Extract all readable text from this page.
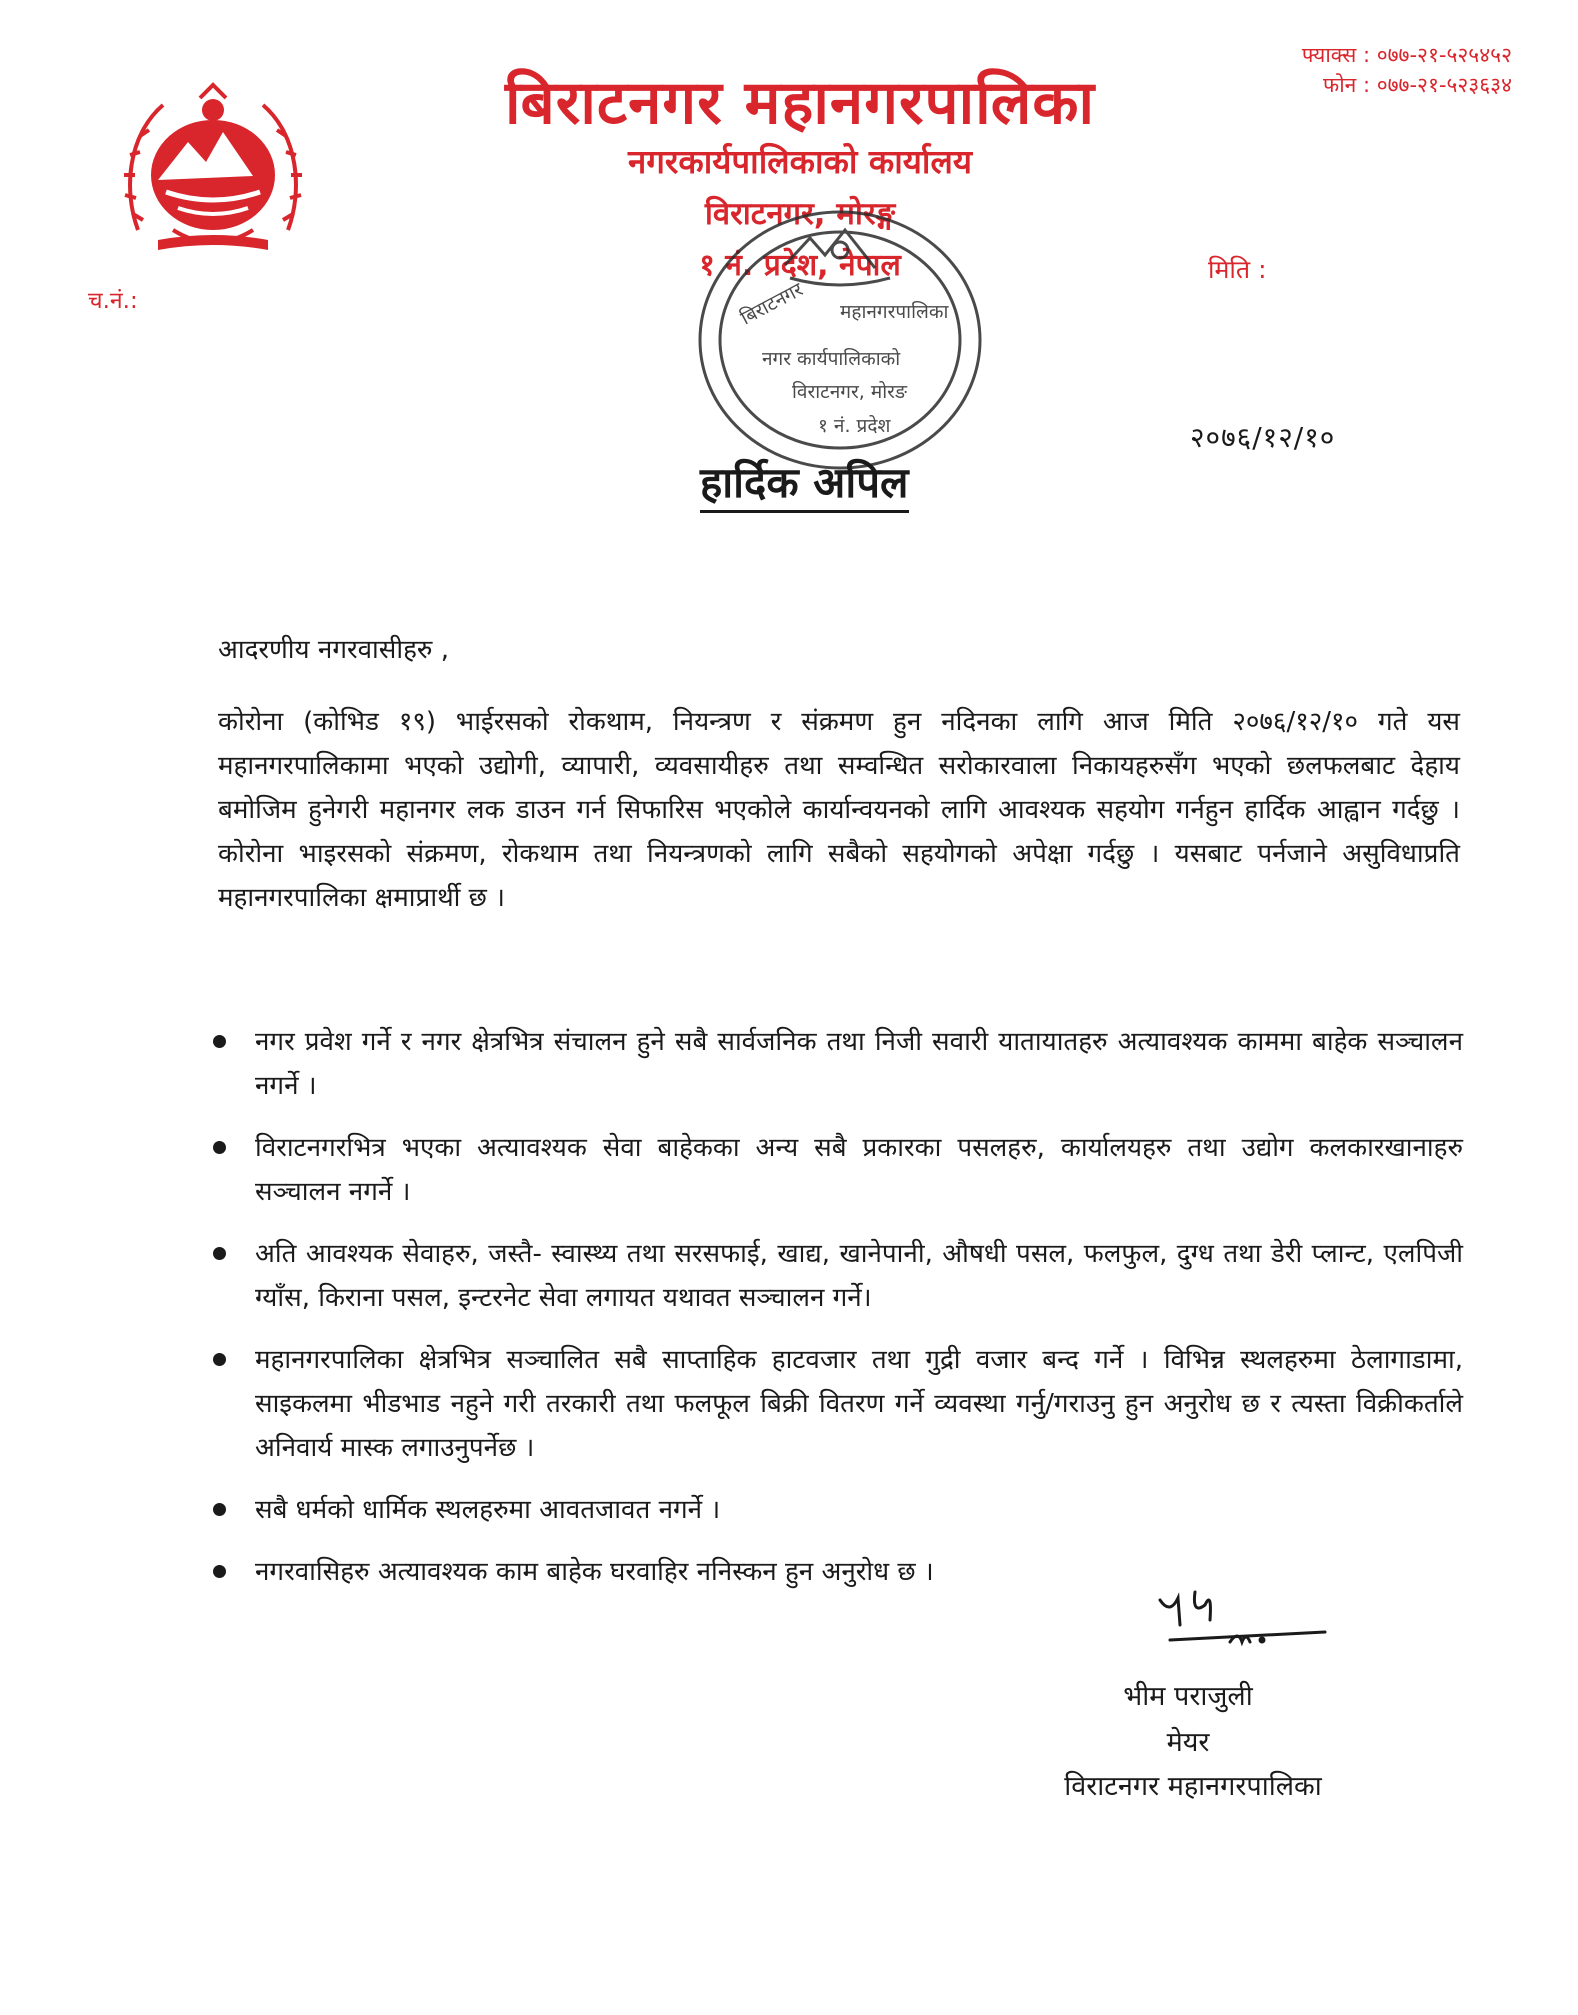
बिराटनगर महानगरपालिका
नगरकार्यपालिकाको कार्यालय
विराटनगर, मोरङ्ग
१ नं. प्रदेश, नेपाल
फ्याक्स : ०७७-२१-५२५४५२
फोन : ०७७-२१-५२३६३४
च.नं.:
मिति :
बिराटनगर महानगरपालिका
नगर कार्यपालिकाको
विराटनगर, मोरङ
१ नं. प्रदेश	२०७६/१२/१०
हार्दिक अपिल
आदरणीय नगरवासीहरु ,
कोरोना (कोभिड १९) भाईरसको रोकथाम, नियन्त्रण र संक्रमण हुन नदिनका लागि आज मिति २०७६/१२/१० गते यस महानगरपालिकामा भएको उद्योगी, व्यापारी, व्यवसायीहरु तथा सम्वन्धित सरोकारवाला निकायहरुसँग भएको छलफलबाट देहाय बमोजिम हुनेगरी महानगर लक डाउन गर्न सिफारिस भएकोले कार्यान्वयनको लागि आवश्यक सहयोग गर्नहुन हार्दिक आह्वान गर्दछु । कोरोना भाइरसको संक्रमण, रोकथाम तथा नियन्त्रणको लागि सबैको सहयोगको अपेक्षा गर्दछु । यसबाट पर्नजाने असुविधाप्रति महानगरपालिका क्षमाप्रार्थी छ ।
नगर प्रवेश गर्ने र नगर क्षेत्रभित्र संचालन हुने सबै सार्वजनिक तथा निजी सवारी यातायातहरु अत्यावश्यक काममा बाहेक सञ्चालन नगर्ने ।
विराटनगरभित्र भएका अत्यावश्यक सेवा बाहेकका अन्य सबै प्रकारका पसलहरु, कार्यालयहरु तथा उद्योग कलकारखानाहरु सञ्चालन नगर्ने ।
अति आवश्यक सेवाहरु, जस्तै- स्वास्थ्य तथा सरसफाई, खाद्य, खानेपानी, औषधी पसल, फलफुल, दुग्ध तथा डेरी प्लान्ट, एलपिजी ग्याँस, किराना पसल, इन्टरनेट सेवा लगायत यथावत सञ्चालन गर्ने।
महानगरपालिका क्षेत्रभित्र सञ्चालित सबै साप्ताहिक हाटवजार तथा गुद्री वजार बन्द गर्ने । विभिन्न स्थलहरुमा ठेलागाडामा, साइकलमा भीडभाड नहुने गरी तरकारी तथा फलफूल बिक्री वितरण गर्ने व्यवस्था गर्नु/गराउनु हुन अनुरोध छ र त्यस्ता विक्रीकर्ताले अनिवार्य मास्क लगाउनुपर्नेछ ।
सबै धर्मको धार्मिक स्थलहरुमा आवतजावत नगर्ने ।
नगरवासिहरु अत्यावश्यक काम बाहेक घरवाहिर ननिस्कन हुन अनुरोध छ ।
भीम पराजुली
मेयर
विराटनगर महानगरपालिका
